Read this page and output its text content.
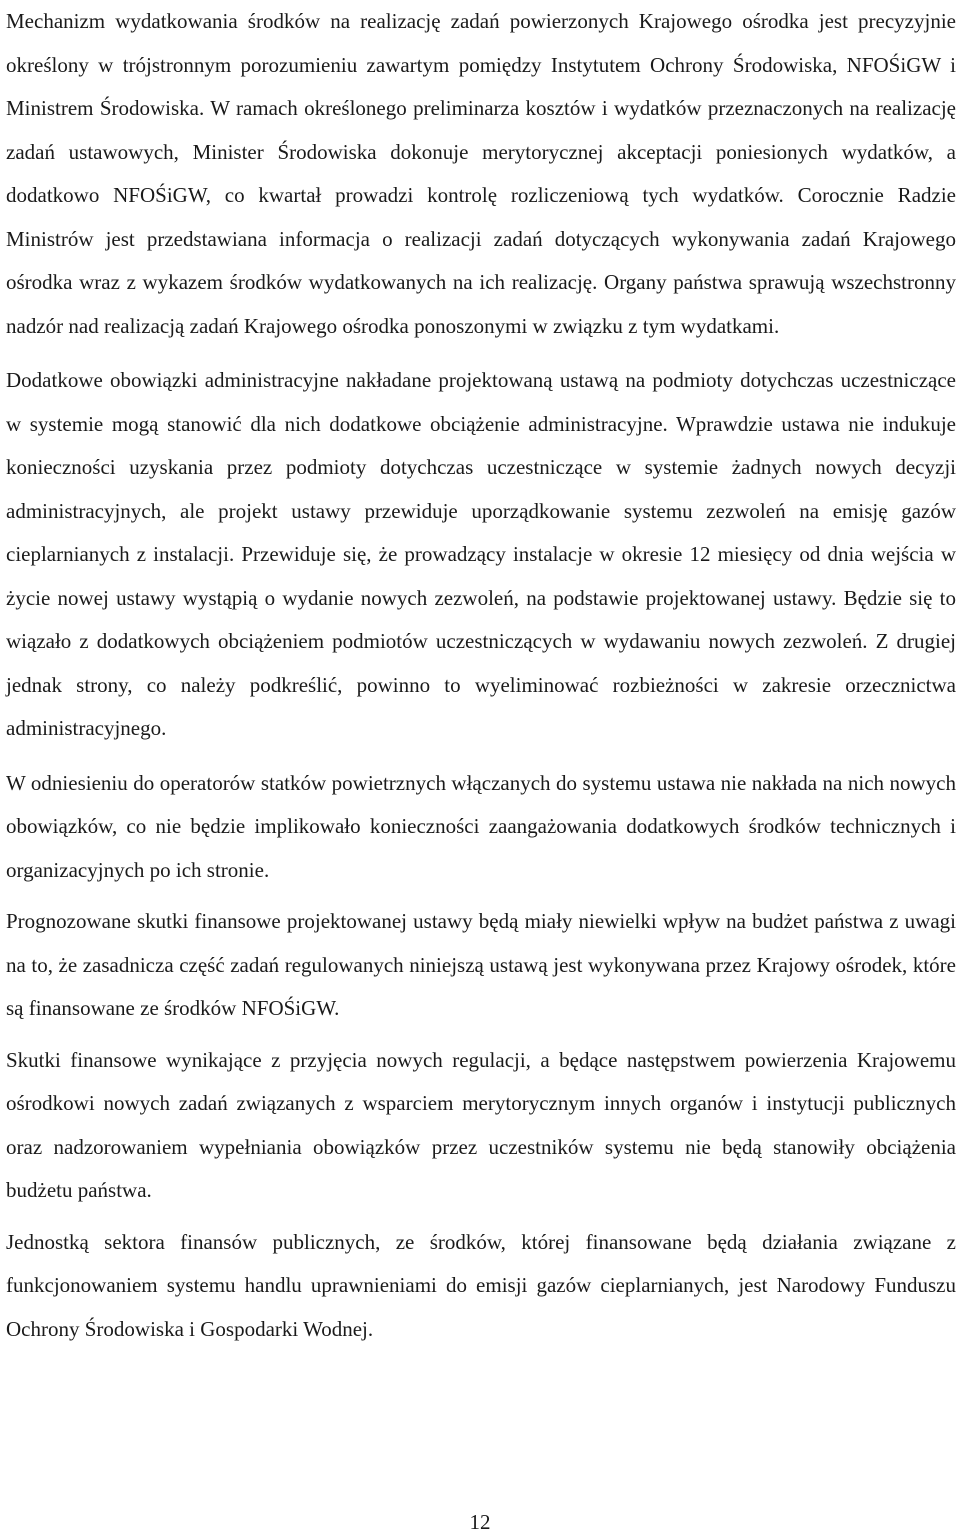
Mechanizm wydatkowania środków na realizację zadań powierzonych Krajowego ośrodka jest precyzyjnie określony w trójstronnym porozumieniu zawartym pomiędzy Instytutem Ochrony Środowiska, NFOŚiGW i Ministrem Środowiska. W ramach określonego preliminarza kosztów i wydatków przeznaczonych na realizację zadań ustawowych, Minister Środowiska dokonuje merytorycznej akceptacji poniesionych wydatków, a dodatkowo NFOŚiGW, co kwartał prowadzi kontrolę rozliczeniową tych wydatków. Corocznie Radzie Ministrów jest przedstawiana informacja o realizacji zadań dotyczących wykonywania zadań Krajowego ośrodka wraz z wykazem środków wydatkowanych na ich realizację. Organy państwa sprawują wszechstronny nadzór nad realizacją zadań Krajowego ośrodka ponoszonymi w związku z tym wydatkami.

Dodatkowe obowiązki administracyjne nakładane projektowaną ustawą na podmioty dotychczas uczestniczące w systemie mogą stanowić dla nich dodatkowe obciążenie administracyjne. Wprawdzie ustawa nie indukuje konieczności uzyskania przez podmioty dotychczas uczestniczące w systemie żadnych nowych decyzji administracyjnych, ale projekt ustawy przewiduje uporządkowanie systemu zezwoleń na emisję gazów cieplarnianych z instalacji. Przewiduje się, że prowadzący instalacje w okresie 12 miesięcy od dnia wejścia w życie nowej ustawy wystąpią o wydanie nowych zezwoleń, na podstawie projektowanej ustawy. Będzie się to wiązało z dodatkowych obciążeniem podmiotów uczestniczących w wydawaniu nowych zezwoleń. Z drugiej jednak strony, co należy podkreślić, powinno to wyeliminować rozbieżności w zakresie orzecznictwa administracyjnego.

W odniesieniu do operatorów statków powietrznych włączanych do systemu ustawa nie nakłada na nich nowych obowiązków, co nie będzie implikowało konieczności zaangażowania dodatkowych środków technicznych i organizacyjnych po ich stronie.

Prognozowane skutki finansowe projektowanej ustawy będą miały niewielki wpływ na budżet państwa z uwagi na to, że zasadnicza część zadań regulowanych niniejszą ustawą jest wykonywana przez Krajowy ośrodek, które są finansowane ze środków NFOŚiGW.

Skutki finansowe wynikające z przyjęcia nowych regulacji, a będące następstwem powierzenia Krajowemu ośrodkowi nowych zadań związanych z wsparciem merytorycznym innych organów i instytucji publicznych oraz nadzorowaniem wypełniania obowiązków przez uczestników systemu nie będą stanowiły obciążenia budżetu państwa.

Jednostką sektora finansów publicznych, ze środków, której finansowane będą działania związane z funkcjonowaniem systemu handlu uprawnieniami do emisji gazów cieplarnianych, jest Narodowy Funduszu Ochrony Środowiska i Gospodarki Wodnej.

12
